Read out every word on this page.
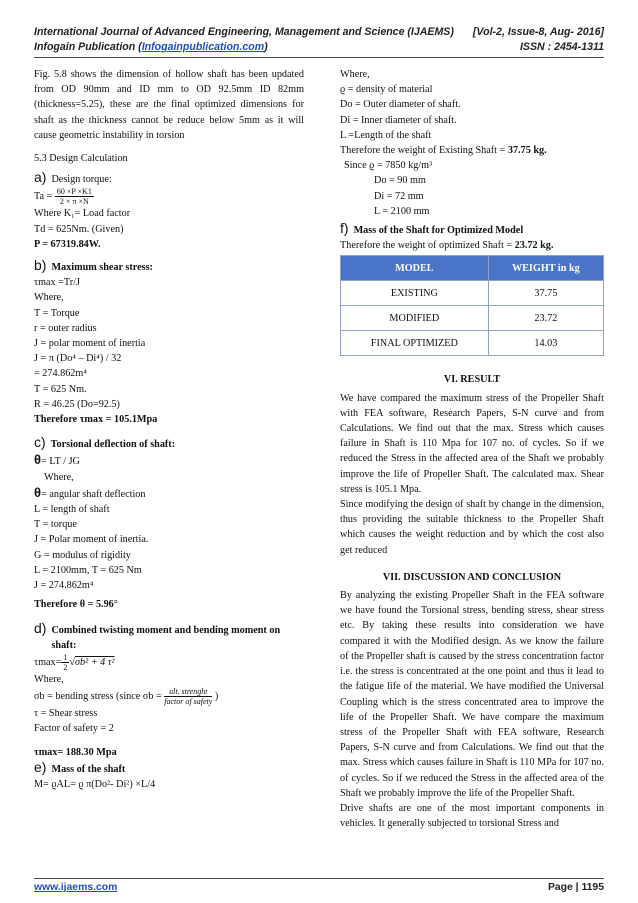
International Journal of Advanced Engineering, Management and Science (IJAEMS) [Vol-2, Issue-8, Aug- 2016]
Infogain Publication (Infogainpublication.com)	ISSN : 2454-1311

Fig. 5.8 shows the dimension of hollow shaft has been updated from OD 90mm and ID mm to OD 92.5mm ID 82mm (thickness=5.25), these are the final optimized dimensions for shaft as the thickness cannot be reduce below 5mm as it will cause geometric instability in torsion

5.3 Design Calculation

a) Design torque:

$Ta = \frac{60 \times P \times K1}{2 \times \pi \times N}$

Where K₁= Load factor

Td = 625Nm. (Given)

P = 67319.84W.

b) Maximum shear stress:

τmax =Tr/J

Where,

T = Torque

r = outer radius

J = polar moment of inertia

J = π (Do⁴ – Di⁴) / 32

= 274.862m⁴

T = 625 Nm.

R = 46.25 (Do=92.5)

Therefore τmax = 105.1Mpa

c) Torsional deflection of shaft:

θ= LT / JG

Where,

θ= angular shaft deflection

L = length of shaft

T = torque

J = Polar moment of inertia.

G = modulus of rigidity

L = 2100mm, T = 625 Nm

J = 274.862m⁴

Therefore θ = 5.96°

d) Combined twisting moment and bending moment on shaft:

$\tau\max= \frac{1}{2} √\sigma b^2 + 4$ τ²

Where,

σb = bending stress (since $\sigma b = \frac{\text{ult. strenght}}{\text{factor of safety}}$ )

τ = Shear stress

Factor of safety = 2

τmax= 188.30 Mpa

e) Mass of the shaft

M= ϱAL= ϱ π(Do²- Di²) ×L/4

Where,

ϱ = density of material

Do = Outer diameter of shaft.

Di = Inner diameter of shaft.

L =Length of the shaft

Therefore the weight of Existing Shaft = 37.75 kg.

Since ϱ = 7850 kg/m³

Do = 90 mm

Di = 72 mm

L = 2100 mm

f) Mass of the Shaft for Optimized Model

Therefore the weight of optimized Shaft = 23.72 kg.

MODEL	WEIGHT in kg
EXISTING	37.75
MODIFIED	23.72
FINAL OPTIMIZED	14.03

VI. RESULT

We have compared the maximum stress of the Propeller Shaft with FEA software, Research Papers, S-N curve and from Calculations. We find out that the max. Stress which causes failure in Shaft is 110 Mpa for 107 no. of cycles. So if we reduced the Stress in the affected area of the Shaft we probably improve the life of Propeller Shaft. The calculated max. Shear stress is 105.1 Mpa.

Since modifying the design of shaft by change in the dimension, thus providing the suitable thickness to the Propeller Shaft which causes the weight reduction and by which the cost also get reduced

VII. DISCUSSION AND CONCLUSION

By analyzing the existing Propeller Shaft in the FEA software we have found the Torsional stress, bending stress, shear stress etc. By taking these results into consideration we have compared it with the Modified design. As we know the failure of the Propeller shaft is caused by the stress concentration factor i.e. the stress is concentrated at the one point and thus it lead to the fatigue life of the material. We have modified the Universal Coupling which is the stress concentrated area to improve the life of the Propeller Shaft. We have compare the maximum stress of the Propeller Shaft with FEA software, Research Papers, S-N curve and from Calculations. We find out that the max. Stress which causes failure in Shaft is 110 MPa for 107 no. of cycles. So if we reduced the Stress in the affected area of the Shaft we probably improve the life of the Propeller Shaft.

Drive shafts are one of the most important components in vehicles. It generally subjected to torsional Stress and

www.ijaems.com	Page | 1195
